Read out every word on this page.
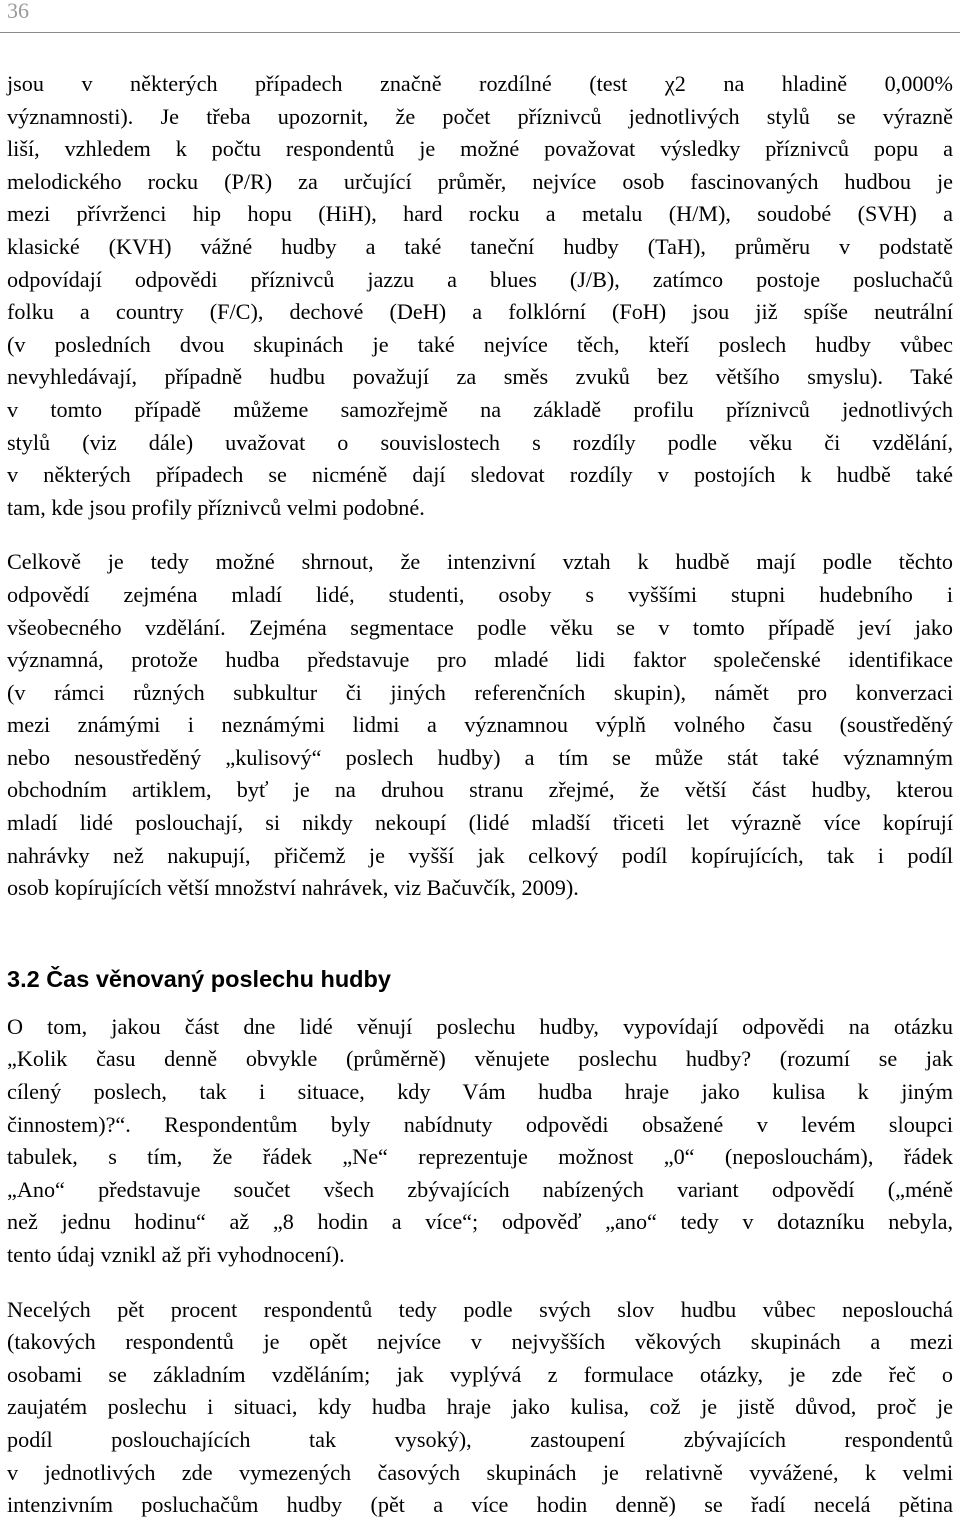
36

jsou v některých případech značně rozdílné (test χ2 na hladině 0,000%

významnosti). Je třeba upozornit, že počet příznivců jednotlivých stylů se výrazně

liší, vzhledem k počtu respondentů je možné považovat výsledky příznivců popu a

melodického rocku (P/R) za určující průměr, nejvíce osob fascinovaných hudbou je

mezi přívrženci hip hopu (HiH), hard rocku a metalu (H/M), soudobé (SVH) a

klasické (KVH) vážné hudby a také taneční hudby (TaH), průměru v podstatě

odpovídají odpovědi příznivců jazzu a blues (J/B), zatímco postoje posluchačů

folku a country (F/C), dechové (DeH) a folklórní (FoH) jsou již spíše neutrální

(v posledních dvou skupinách je také nejvíce těch, kteří poslech hudby vůbec

nevyhledávají, případně hudbu považují za směs zvuků bez většího smyslu). Také

v tomto případě můžeme samozřejmě na základě profilu příznivců jednotlivých

stylů (viz dále) uvažovat o souvislostech s rozdíly podle věku či vzdělání,

v některých případech se nicméně dají sledovat rozdíly v postojích k hudbě také

tam, kde jsou profily příznivců velmi podobné.

Celkově je tedy možné shrnout, že intenzivní vztah k hudbě mají podle těchto

odpovědí zejména mladí lidé, studenti, osoby s vyššími stupni hudebního i

všeobecného vzdělání. Zejména segmentace podle věku se v tomto případě jeví jako

významná, protože hudba představuje pro mladé lidi faktor společenské identifikace

(v rámci různých subkultur či jiných referenčních skupin), námět pro konverzaci

mezi známými i neznámými lidmi a významnou výplň volného času (soustředěný

nebo nesoustředěný „kulisový“ poslech hudby) a tím se může stát také významným

obchodním artiklem, byť je na druhou stranu zřejmé, že větší část hudby, kterou

mladí lidé poslouchají, si nikdy nekoupí (lidé mladší třiceti let výrazně více kopírují

nahrávky než nakupují, přičemž je vyšší jak celkový podíl kopírujících, tak i podíl

osob kopírujících větší množství nahrávek, viz Bačuvčík, 2009).

3.2 Čas věnovaný poslechu hudby

O tom, jakou část dne lidé věnují poslechu hudby, vypovídají odpovědi na otázku

„Kolik času denně obvykle (průměrně) věnujete poslechu hudby? (rozumí se jak

cílený poslech, tak i situace, kdy Vám hudba hraje jako kulisa k jiným

činnostem)?“. Respondentům byly nabídnuty odpovědi obsažené v levém sloupci

tabulek, s tím, že řádek „Ne“ reprezentuje možnost „0“ (neposlouchám), řádek

„Ano“ představuje součet všech zbývajících nabízených variant odpovědí („méně

než jednu hodinu“ až „8 hodin a více“; odpověď „ano“ tedy v dotazníku nebyla,

tento údaj vznikl až při vyhodnocení).

Necelých pět procent respondentů tedy podle svých slov hudbu vůbec neposlouchá

(takových respondentů je opět nejvíce v nejvyšších věkových skupinách a mezi

osobami se základním vzděláním; jak vyplývá z formulace otázky, je zde řeč o

zaujatém poslechu i situaci, kdy hudba hraje jako kulisa, což je jistě důvod, proč je

podíl poslouchajících tak vysoký), zastoupení zbývajících respondentů

v jednotlivých zde vymezených časových skupinách je relativně vyvážené, k velmi

intenzivním posluchačům hudby (pět a více hodin denně) se řadí necelá pětina
